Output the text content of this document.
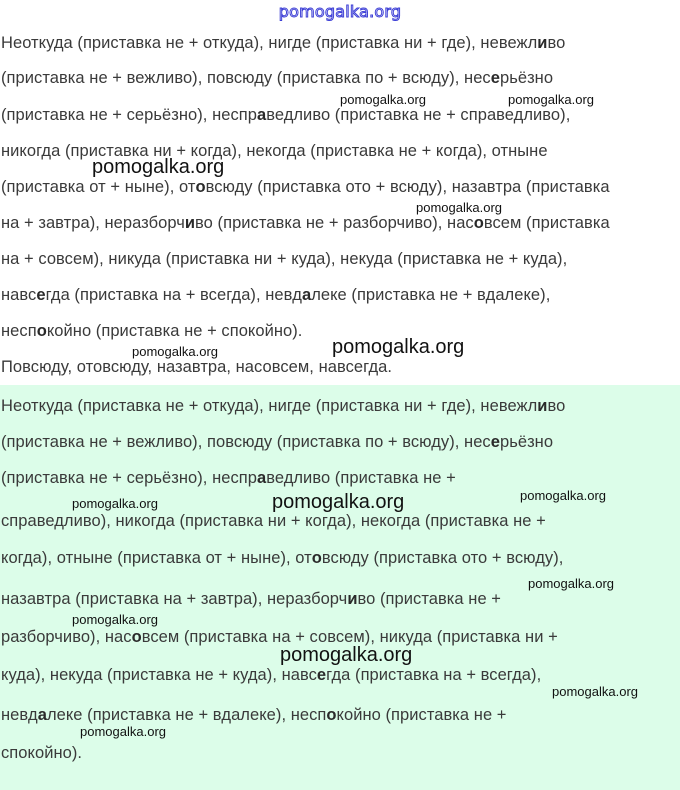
pomogalka.org
Неоткуда (приставка не + откуда), нигде (приставка ни + где), невежливо
(приставка не + вежливо), повсюду (приставка по + всюду), несерьёзно
(приставка не + серьёзно), несправедливо (приставка не + справедливо),
никогда (приставка ни + когда), некогда (приставка не + когда), отныне
(приставка от + ныне), отовсюду (приставка ото + всюду), назавтра (приставка
на + завтра), неразборчиво (приставка не + разборчиво), насовсем (приставка
на + совсем), никуда (приставка ни + куда), некуда (приставка не + куда),
навсегда (приставка на + всегда), невдалеке (приставка не + вдалеке),
неспокойно (приставка не + спокойно).
Повсюду, отовсюду, назавтра, насовсем, навсегда.
Неоткуда (приставка не + откуда), нигде (приставка ни + где), невежливо
(приставка не + вежливо), повсюду (приставка по + всюду), несерьёзно
(приставка не + серьёзно), несправедливо (приставка не +
справедливо), никогда (приставка ни + когда), некогда (приставка не +
когда), отныне (приставка от + ныне), отовсюду (приставка ото + всюду),
назавтра (приставка на + завтра), неразборчиво (приставка не +
разборчиво), насовсем (приставка на + совсем), никуда (приставка ни +
куда), некуда (приставка не + куда), навсегда (приставка на + всегда),
невдалеке (приставка не + вдалеке), неспокойно (приставка не +
спокойно).
pomogalka.org	pomogalka.org
pomogalka.org
pomogalka.org
pomogalka.org	pomogalka.org
pomogalka.org	pomogalka.org	pomogalka.org
pomogalka.org
pomogalka.org
pomogalka.org
pomogalka.org
pomogalka.org
